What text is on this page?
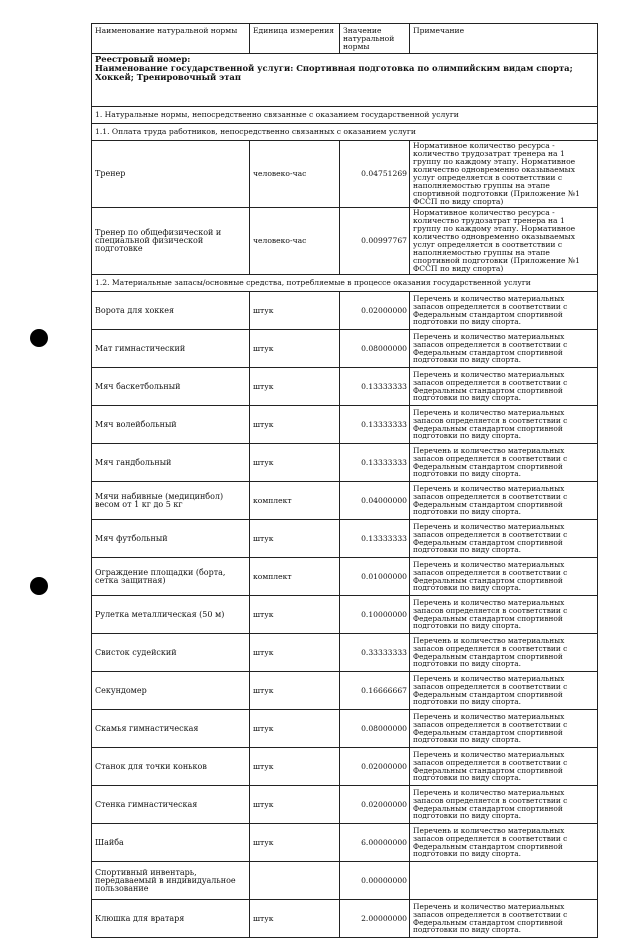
Наименование натуральной нормы	Единица измерения	Значение натуральной нормы	Примечание

Реестровый номер:
Наименование государственной услуги: Спортивная подготовка по олимпийским видам спорта; Хоккей; Тренировочный этап			

1. Натуральные нормы, непосредственно связанные с оказанием государственной услуги			
1.1. Оплата труда работников, непосредственно связанных с оказанием услуги			
Тренер	человеко-час	0.04751269	Нормативное количество ресурса - количество трудозатрат тренера на 1 группу по каждому этапу. Нормативное количество одновременно оказываемых услуг определяется в соответствии с наполняемостью группы на этапе спортивной подготовки (Приложение №1 ФССП по виду спорта)
Тренер по общефизической и специальной физической подготовке	человеко-час	0.00997767	Нормативное количество ресурса - количество трудозатрат тренера на 1 группу по каждому этапу. Нормативное количество одновременно оказываемых услуг определяется в соответствии с наполняемостью группы на этапе спортивной подготовки (Приложение №1 ФССП по виду спорта)
1.2. Материальные запасы/основные средства, потребляемые в процессе оказания государственной услуги			
Ворота для хоккея	штук	0.02000000	Перечень и количество материальных запасов определяется в соответствии с Федеральным стандартом спортивной подготовки по виду спорта.
Мат гимнастический	штук	0.08000000	Перечень и количество материальных запасов определяется в соответствии с Федеральным стандартом спортивной подготовки по виду спорта.
Мяч баскетбольный	штук	0.13333333	Перечень и количество материальных запасов определяется в соответствии с Федеральным стандартом спортивной подготовки по виду спорта.
Мяч волейбольный	штук	0.13333333	Перечень и количество материальных запасов определяется в соответствии с Федеральным стандартом спортивной подготовки по виду спорта.
Мяч гандбольный	штук	0.13333333	Перечень и количество материальных запасов определяется в соответствии с Федеральным стандартом спортивной подготовки по виду спорта.
Мячи набивные (медицинбол) весом от 1 кг до 5 кг	комплект	0.04000000	Перечень и количество материальных запасов определяется в соответствии с Федеральным стандартом спортивной подготовки по виду спорта.
Мяч футбольный	штук	0.13333333	Перечень и количество материальных запасов определяется в соответствии с Федеральным стандартом спортивной подготовки по виду спорта.
Ограждение площадки (борта, сетка защитная)	комплект	0.01000000	Перечень и количество материальных запасов определяется в соответствии с Федеральным стандартом спортивной подготовки по виду спорта.
Рулетка металлическая (50 м)	штук	0.10000000	Перечень и количество материальных запасов определяется в соответствии с Федеральным стандартом спортивной подготовки по виду спорта.
Свисток судейский	штук	0.33333333	Перечень и количество материальных запасов определяется в соответствии с Федеральным стандартом спортивной подготовки по виду спорта.
Секундомер	штук	0.16666667	Перечень и количество материальных запасов определяется в соответствии с Федеральным стандартом спортивной подготовки по виду спорта.
Скамья гимнастическая	штук	0.08000000	Перечень и количество материальных запасов определяется в соответствии с Федеральным стандартом спортивной подготовки по виду спорта.
Станок для точки коньков	штук	0.02000000	Перечень и количество материальных запасов определяется в соответствии с Федеральным стандартом спортивной подготовки по виду спорта.
Стенка гимнастическая	штук	0.02000000	Перечень и количество материальных запасов определяется в соответствии с Федеральным стандартом спортивной подготовки по виду спорта.
Шайба	штук	6.00000000	Перечень и количество материальных запасов определяется в соответствии с Федеральным стандартом спортивной подготовки по виду спорта.
Спортивный инвентарь, передаваемый в индивидуальное пользование		0.00000000	
Клюшка для вратаря	штук	2.00000000	Перечень и количество материальных запасов определяется в соответствии с Федеральным стандартом спортивной подготовки по виду спорта.
